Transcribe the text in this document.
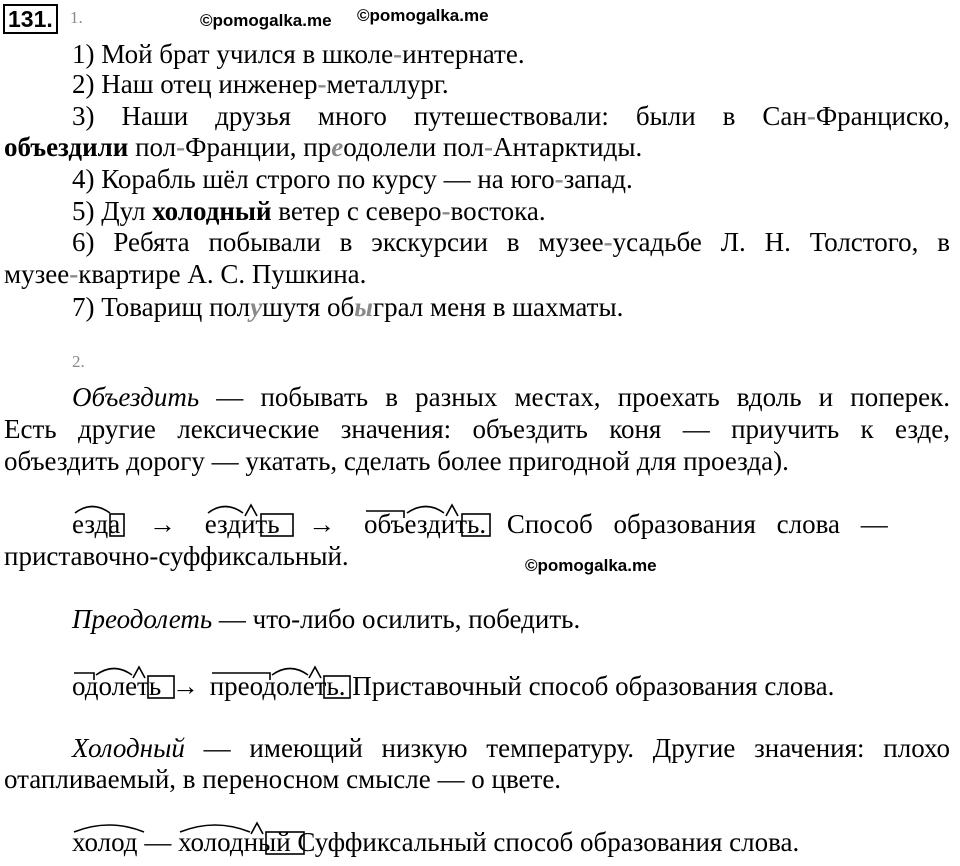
131. 1.	©pomogalka.me ©pomogalka.me
1) Мой брат учился в школе-интернате.
2) Наш отец инженер-металлург.
3) Наши друзья много путешествовали: были в Сан-Франциско,
объездили пол-Франции, преодолели пол-Антарктиды.
4) Корабль шёл строго по курсу — на юго-запад.
5) Дул холодный ветер с северо-востока.
6) Ребята побывали в экскурсии в музее-усадьбе Л. Н. Толстого, в
музее-квартире А. С. Пушкина.
7) Товарищ полушутя обыграл меня в шахматы.
2.
Объездить — побывать в разных местах, проехать вдоль и поперек.
Есть другие лексические значения: объездить коня — приучить к езде,
объездить дорогу — укатать, сделать более пригодной для проезда).
езда → ездить → объездить
. Способ образования слова —
приставочно-суффиксальный.	©pomogalka.me
Преодолеть — что-либо осилить, победить.
одолеть → преодолеть
. Приставочный способ образования слова.
Холодный — имеющий низкую температуру. Другие значения: плохо
отапливаемый, в переносном смысле — о цвете.
холод
— холодный
Суффиксальный способ образования слова.
